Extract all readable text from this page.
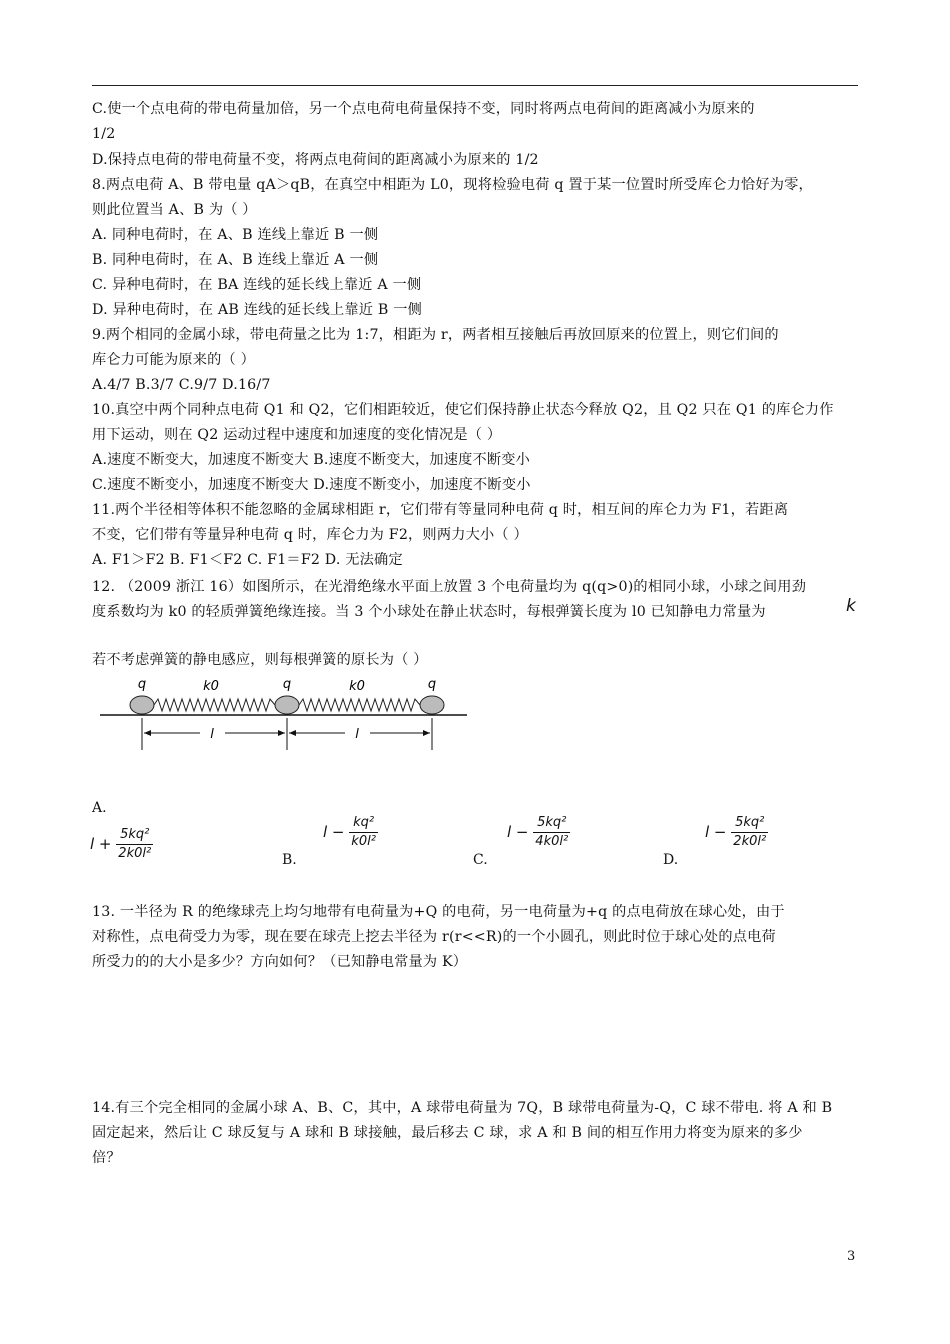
C.使一个点电荷的带电荷量加倍，另一个点电荷电荷量保持不变，同时将两点电荷间的距离减小为原来的
1/2
D.保持点电荷的带电荷量不变，将两点电荷间的距离减小为原来的 1/2
8.两点电荷 A、B 带电量 qA＞qB，在真空中相距为 L0，现将检验电荷 q 置于某一位置时所受库仑力恰好为零，
则此位置当 A、B 为（ ）
A. 同种电荷时，在 A、B 连线上靠近 B 一侧
B. 同种电荷时，在 A、B 连线上靠近 A 一侧
C. 异种电荷时，在 BA 连线的延长线上靠近 A 一侧
D. 异种电荷时，在 AB 连线的延长线上靠近 B 一侧
9.两个相同的金属小球，带电荷量之比为 1:7，相距为 r，两者相互接触后再放回原来的位置上，则它们间的
库仑力可能为原来的（ ）
A.4/7 B.3/7 C.9/7 D.16/7
10.真空中两个同种点电荷 Q1 和 Q2，它们相距较近，使它们保持静止状态今释放 Q2，且 Q2 只在 Q1 的库仑力作
用下运动，则在 Q2 运动过程中速度和加速度的变化情况是（ ）
A.速度不断变大，加速度不断变大 B.速度不断变大，加速度不断变小
C.速度不断变小，加速度不断变大 D.速度不断变小，加速度不断变小
11.两个半径相等体积不能忽略的金属球相距 r，它们带有等量同种电荷 q 时，相互间的库仑力为 F1，若距离
不变，它们带有等量异种电荷 q 时，库仑力为 F2，则两力大小（ ）
A. F1＞F2 B. F1＜F2 C. F1＝F2 D. 无法确定
12. （2009 浙江 16）如图所示，在光滑绝缘水平面上放置 3 个电荷量均为 q(q>0)的相同小球，小球之间用劲
度系数均为 k0 的轻质弹簧绝缘连接。当 3 个小球处在静止状态时，每根弹簧长度为 l0 已知静电力常量为	k
若不考虑弹簧的静电感应，则每根弹簧的原长为（ ）
q	q	q
k0	k0
l	l
A.
$l + \frac{\text{5kq²}}{\text{2k0l²}}$	B.
$l - \frac{\text{kq²}}{\text{k0l²}}$
C.
$l - \frac{\text{5kq²}}{\text{4k0l²}}$
D.
$l - \frac{\text{5kq²}}{\text{2k0l²}}$
13. 一半径为 R 的绝缘球壳上均匀地带有电荷量为+Q 的电荷，另一电荷量为+q 的点电荷放在球心处，由于
对称性，点电荷受力为零，现在要在球壳上挖去半径为 r(r<<R)的一个小圆孔，则此时位于球心处的点电荷
所受力的的大小是多少？方向如何？（已知静电常量为 K）
14.有三个完全相同的金属小球 A、B、C，其中，A 球带电荷量为 7Q，B 球带电荷量为-Q，C 球不带电. 将 A 和 B
固定起来，然后让 C 球反复与 A 球和 B 球接触，最后移去 C 球，求 A 和 B 间的相互作用力将变为原来的多少
倍？
3
